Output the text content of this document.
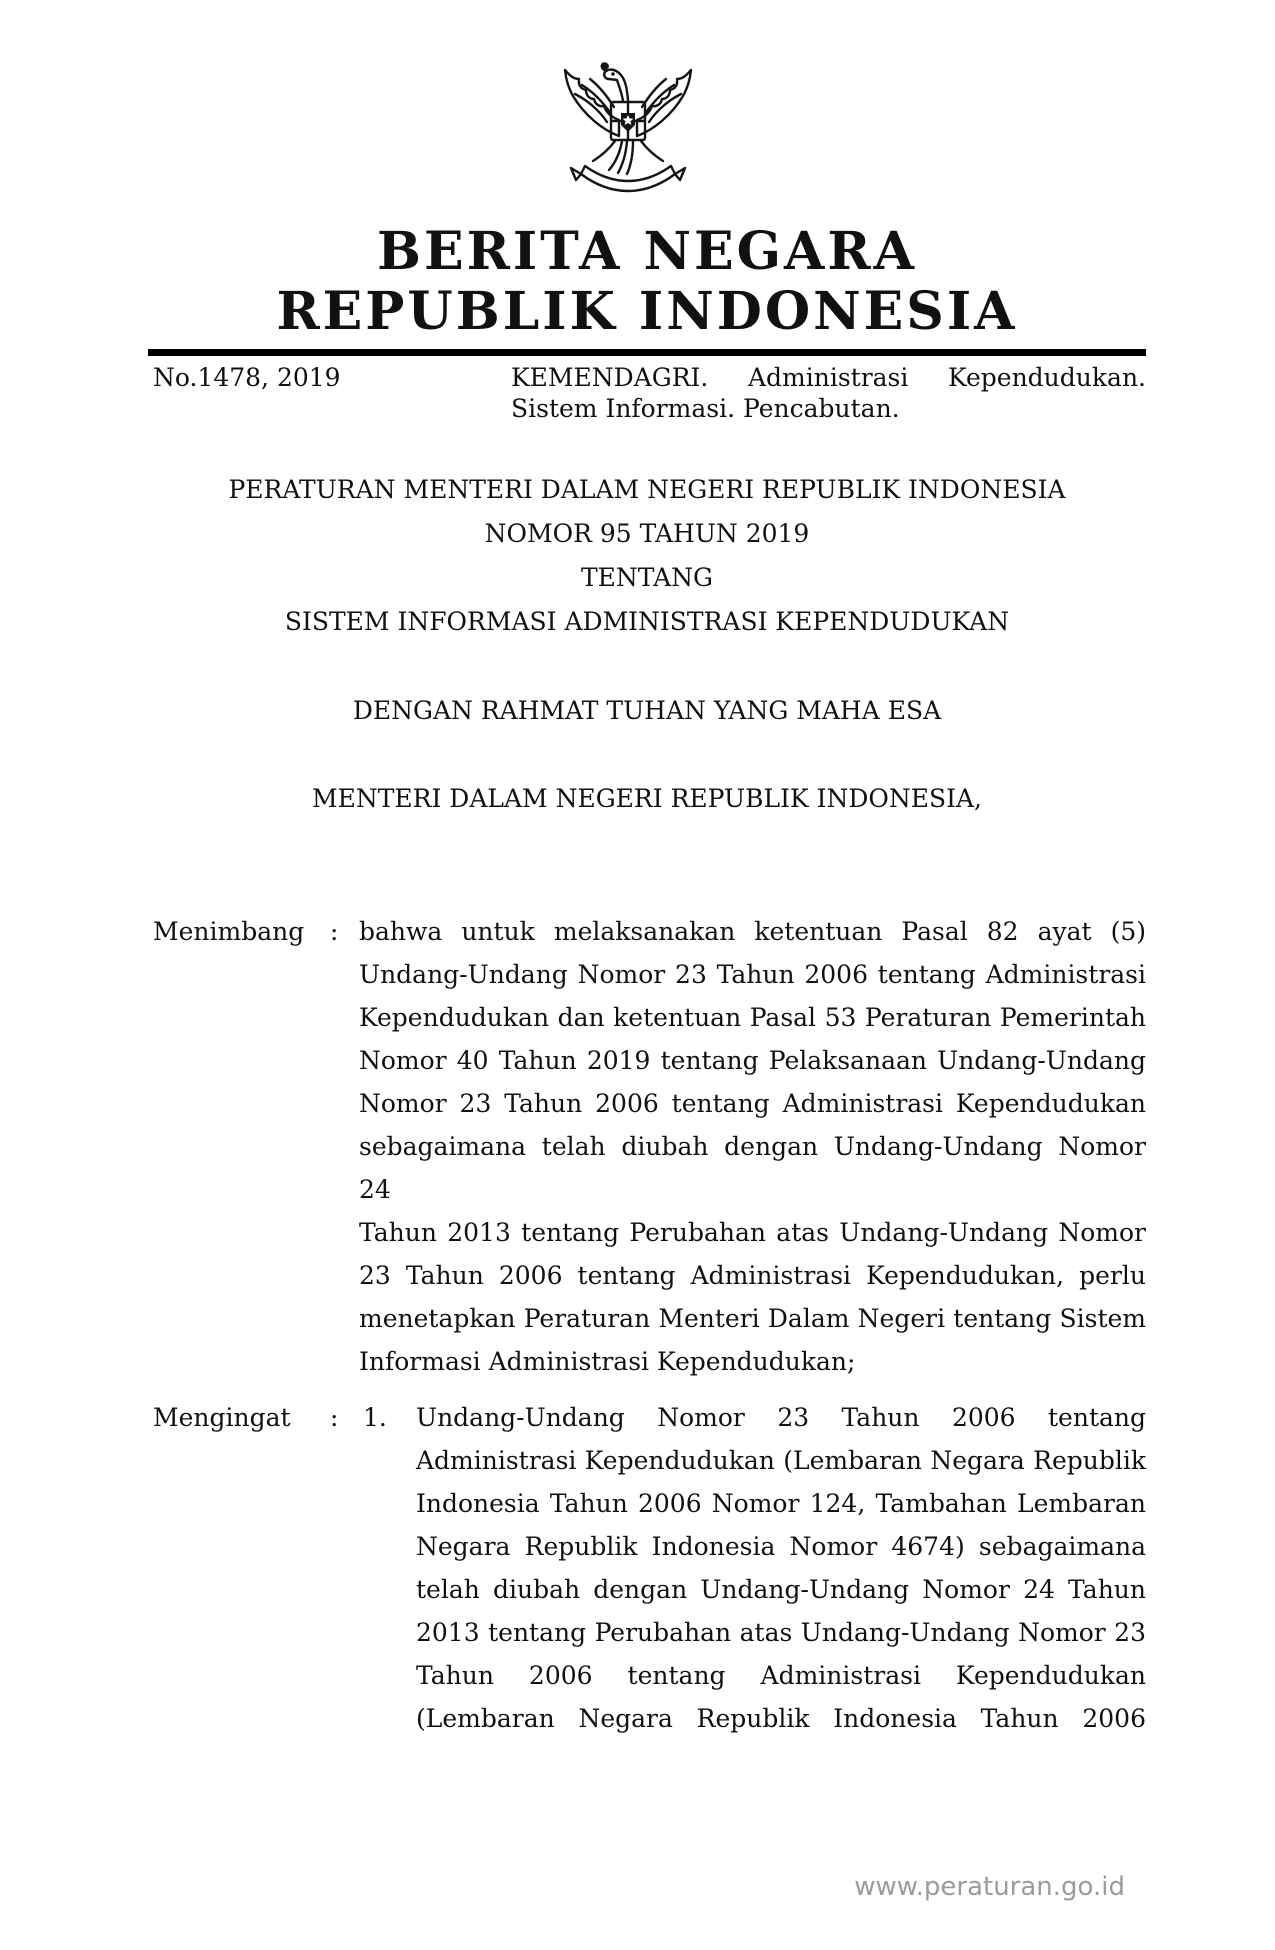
BERITA NEGARA
REPUBLIK INDONESIA
No.1478, 2019	KEMENDAGRI. Administrasi Kependudukan.
Sistem Informasi. Pencabutan.
PERATURAN MENTERI DALAM NEGERI REPUBLIK INDONESIA
NOMOR 95 TAHUN 2019
TENTANG
SISTEM INFORMASI ADMINISTRASI KEPENDUDUKAN
DENGAN RAHMAT TUHAN YANG MAHA ESA
MENTERI DALAM NEGERI REPUBLIK INDONESIA,
Menimbang : bahwa untuk melaksanakan ketentuan Pasal 82 ayat (5)
Undang-Undang Nomor 23 Tahun 2006 tentang Administrasi
Kependudukan dan ketentuan Pasal 53 Peraturan Pemerintah
Nomor 40 Tahun 2019 tentang Pelaksanaan Undang-Undang
Nomor 23 Tahun 2006 tentang Administrasi Kependudukan
sebagaimana telah diubah dengan Undang-Undang Nomor 24
Tahun 2013 tentang Perubahan atas Undang-Undang Nomor
23 Tahun 2006 tentang Administrasi Kependudukan, perlu
menetapkan Peraturan Menteri Dalam Negeri tentang Sistem
Informasi Administrasi Kependudukan;
Mengingat : 1. Undang-Undang Nomor 23 Tahun 2006 tentang
Administrasi Kependudukan (Lembaran Negara Republik
Indonesia Tahun 2006 Nomor 124, Tambahan Lembaran
Negara Republik Indonesia Nomor 4674) sebagaimana
telah diubah dengan Undang-Undang Nomor 24 Tahun
2013 tentang Perubahan atas Undang-Undang Nomor 23
Tahun 2006 tentang Administrasi Kependudukan
(Lembaran Negara Republik Indonesia Tahun 2006
www.peraturan.go.id
